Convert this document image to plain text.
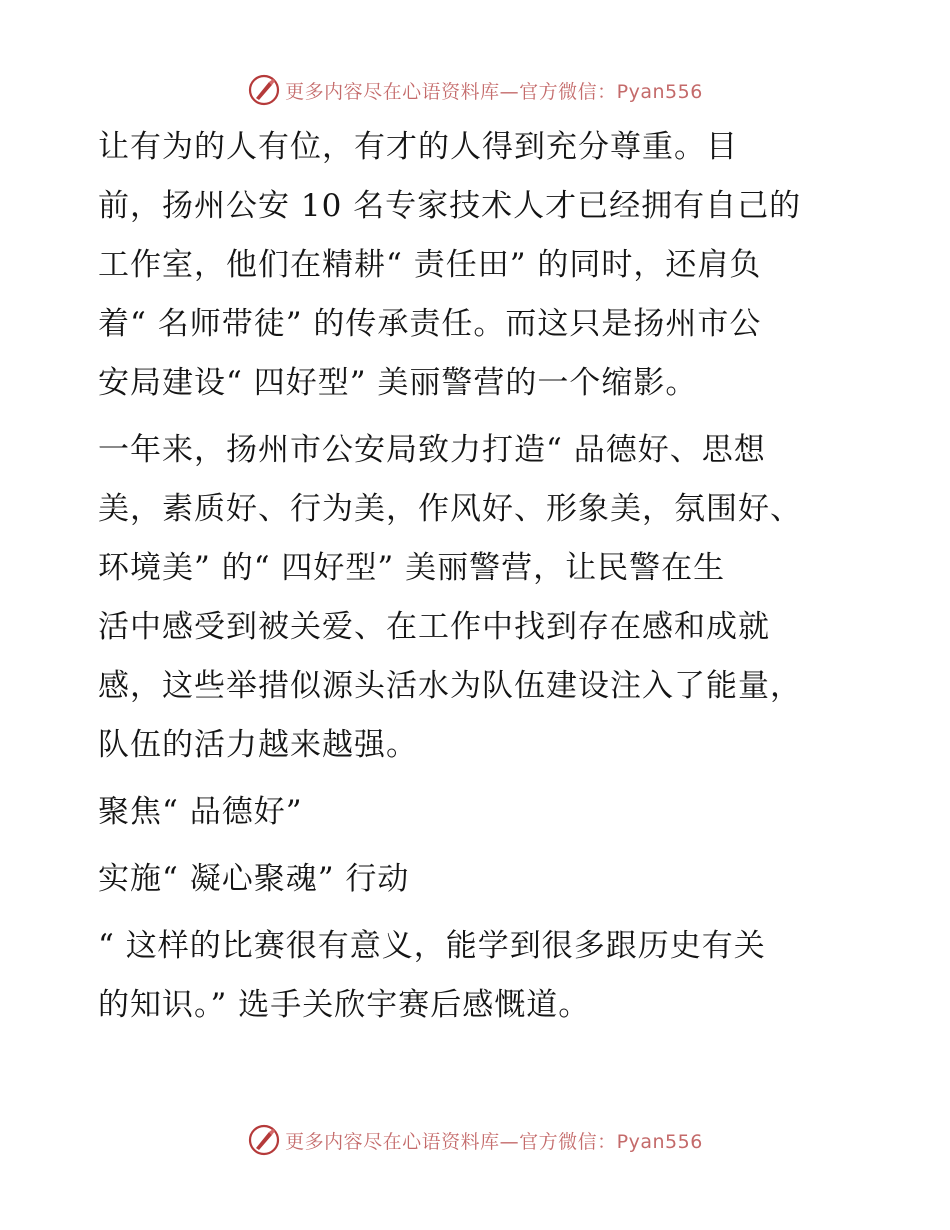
更多内容尽在心语资料库—官方微信：Pyan556
让有为的人有位，有才的人得到充分尊重。目
前，扬州公安 10 名专家技术人才已经拥有自己的
工作室，他们在精耕“ 责任田” 的同时，还肩负
着“ 名师带徒” 的传承责任。而这只是扬州市公
安局建设“ 四好型” 美丽警营的一个缩影。
一年来，扬州市公安局致力打造“ 品德好、思想
美，素质好、行为美，作风好、形象美，氛围好、
环境美” 的“ 四好型” 美丽警营，让民警在生
活中感受到被关爱、在工作中找到存在感和成就
感，这些举措似源头活水为队伍建设注入了能量，
队伍的活力越来越强。
聚焦“ 品德好”
实施“ 凝心聚魂” 行动
“ 这样的比赛很有意义，能学到很多跟历史有关
的知识。” 选手关欣宇赛后感慨道。
更多内容尽在心语资料库—官方微信：Pyan556
